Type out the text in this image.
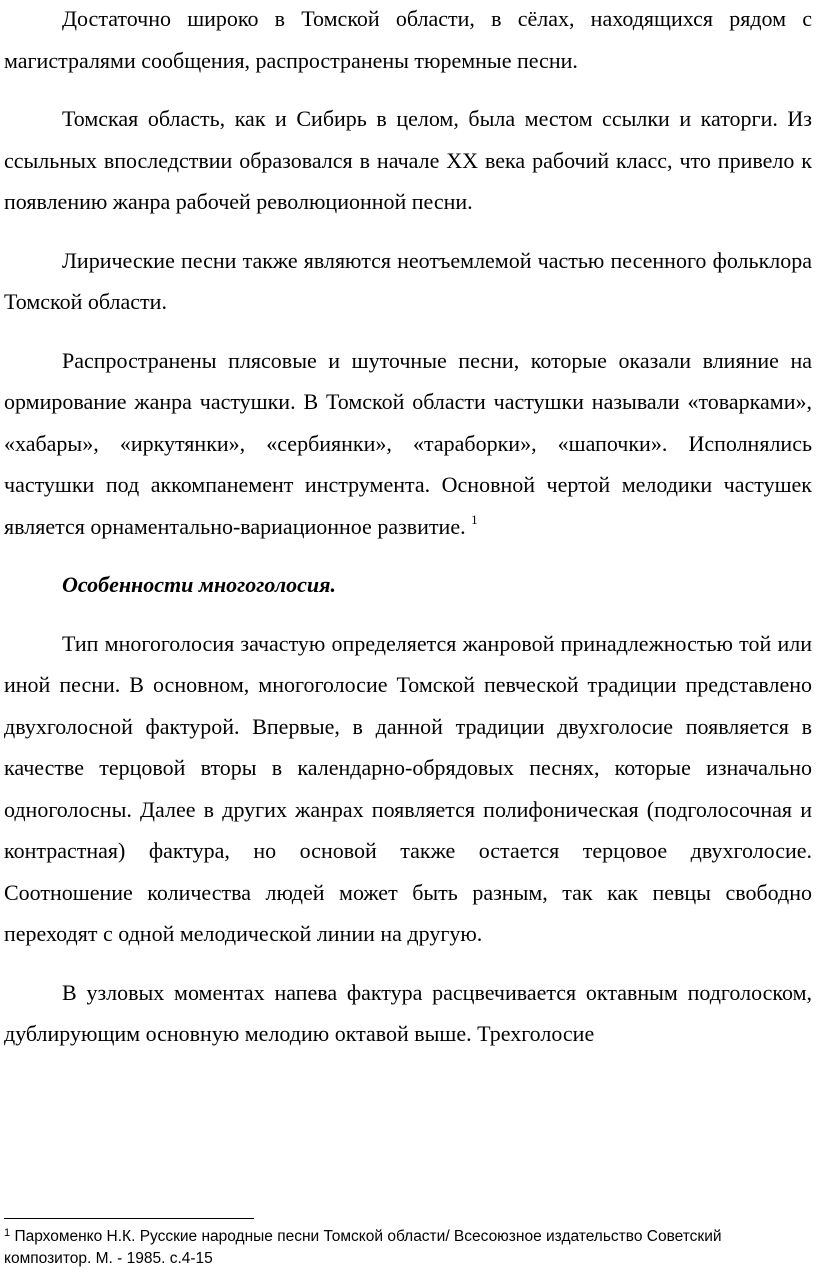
Достаточно широко в Томской области, в сёлах, находящихся рядом с магистралями сообщения, распространены тюремные песни.

Томская область, как и Сибирь в целом, была местом ссылки и каторги. Из ссыльных впоследствии образовался в начале XX века рабочий класс, что привело к появлению жанра рабочей революционной песни.

Лирические песни также являются неотъемлемой частью песенного фольклора Томской области.

Распространены плясовые и шуточные песни, которые оказали влияние на ормирование жанра частушки. В Томской области частушки называли «товарками», «хабары», «иркутянки», «сербиянки», «тараборки», «шапочки». Исполнялись частушки под аккомпанемент инструмента. Основной чертой мелодики частушек является орнаментально-вариационное развитие. $^1$

Особенности многоголосия.

Тип многоголосия зачастую определяется жанровой принадлежностью той или иной песни. В основном, многоголосие Томской певческой традиции представлено двухголосной фактурой. Впервые, в данной традиции двухголосие появляется в качестве терцовой вторы в календарно-обрядовых песнях, которые изначально одноголосны. Далее в других жанрах появляется полифоническая (подголосочная и контрастная) фактура, но основой также остается терцовое двухголосие. Соотношение количества людей может быть разным, так как певцы свободно переходят с одной мелодической линии на другую.

В узловых моментах напева фактура расцвечивается октавным подголоском, дублирующим основную мелодию октавой выше. Трехголосие

$^1$ Пархоменко Н.К. Русские народные песни Томской области/ Всесоюзное издательство Советский композитор. М. - 1985. с.4-15
